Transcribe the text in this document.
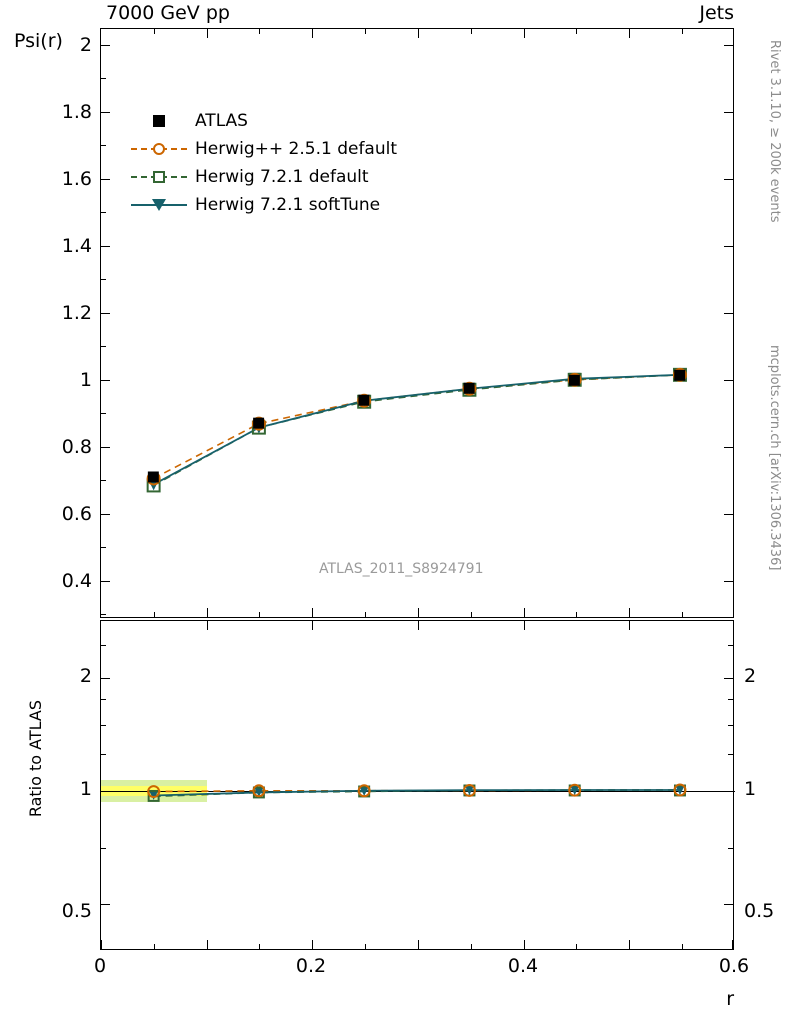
7000 GeV pp	Jets
Rivet 3.1.10, ≥ 200k events
mcplots.cern.ch [arXiv:1306.3436]
Psi(r)
Ratio to ATLAS
r
ATLAS_2011_S8924791
ATLAS
Herwig++ 2.5.1 default
Herwig 7.2.1 default
Herwig 7.2.1 softTune
0.4
0.6
0.8
1
1.2
1.4
1.6
1.8
2
0.5
1
2
0.5
1
2
0	0.2	0.4	0.6
